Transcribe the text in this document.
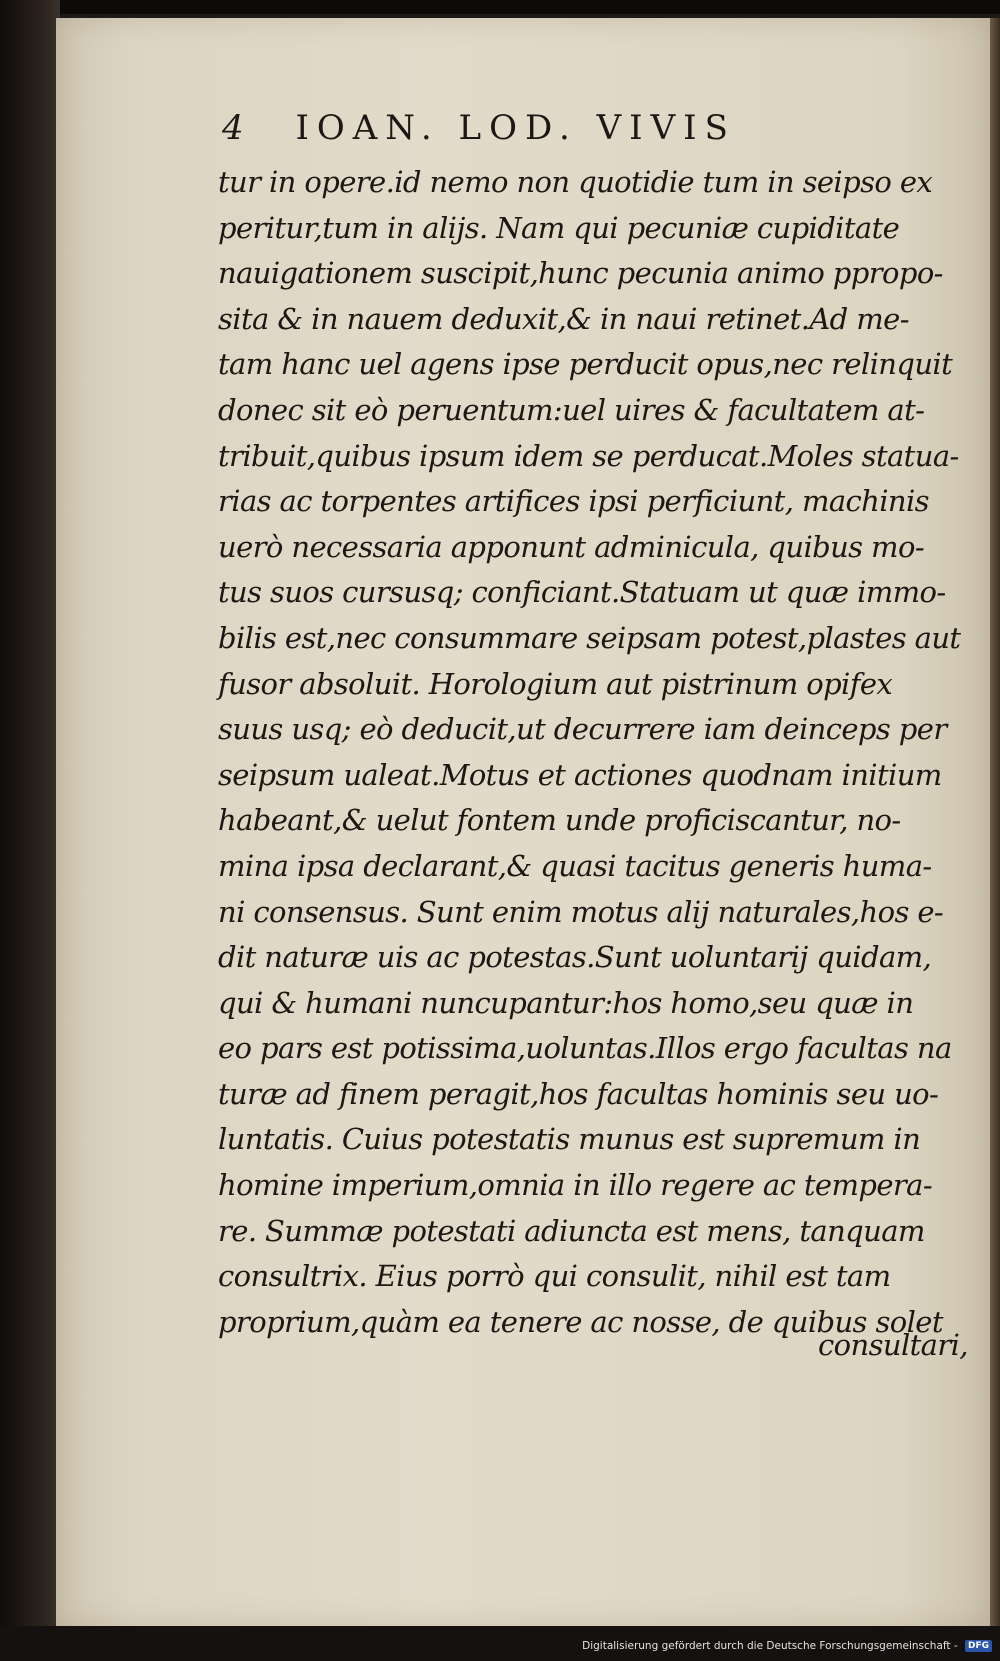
4 IOAN. LOD. VIVIS
tur in opere.id nemo non quotidie tum in seipso ex
peritur,tum in alijs. Nam qui pecuniæ cupiditate
nauigationem suscipit,hunc pecunia animo ppropo-
sita & in nauem deduxit,& in naui retinet.Ad me-
tam hanc uel agens ipse perducit opus,nec relinquit
donec sit eò peruentum:uel uires & facultatem at-
tribuit,quibus ipsum idem se perducat.Moles statua-
rias ac torpentes artifices ipsi perficiunt, machinis
uerò necessaria apponunt adminicula, quibus mo-
tus suos cursusq; conficiant.Statuam ut quæ immo-
bilis est,nec consummare seipsam potest,plastes aut
fusor absoluit. Horologium aut pistrinum opifex
suus usq; eò deducit,ut decurrere iam deinceps per
seipsum ualeat.Motus et actiones quodnam initium
habeant,& uelut fontem unde proficiscantur, no-
mina ipsa declarant,& quasi tacitus generis huma-
ni consensus. Sunt enim motus alij naturales,hos e-
dit naturæ uis ac potestas.Sunt uoluntarij quidam,
qui & humani nuncupantur:hos homo,seu quæ in
eo pars est potissima,uoluntas.Illos ergo facultas na
turæ ad finem peragit,hos facultas hominis seu uo-
luntatis. Cuius potestatis munus est supremum in
homine imperium,omnia in illo regere ac tempera-
re. Summæ potestati adiuncta est mens, tanquam
consultrix. Eius porrò qui consulit, nihil est tam
proprium,quàm ea tenere ac nosse, de quibus solet
consultari,
Digitalisierung gefördert durch die Deutsche Forschungsgemeinschaft - DFG
